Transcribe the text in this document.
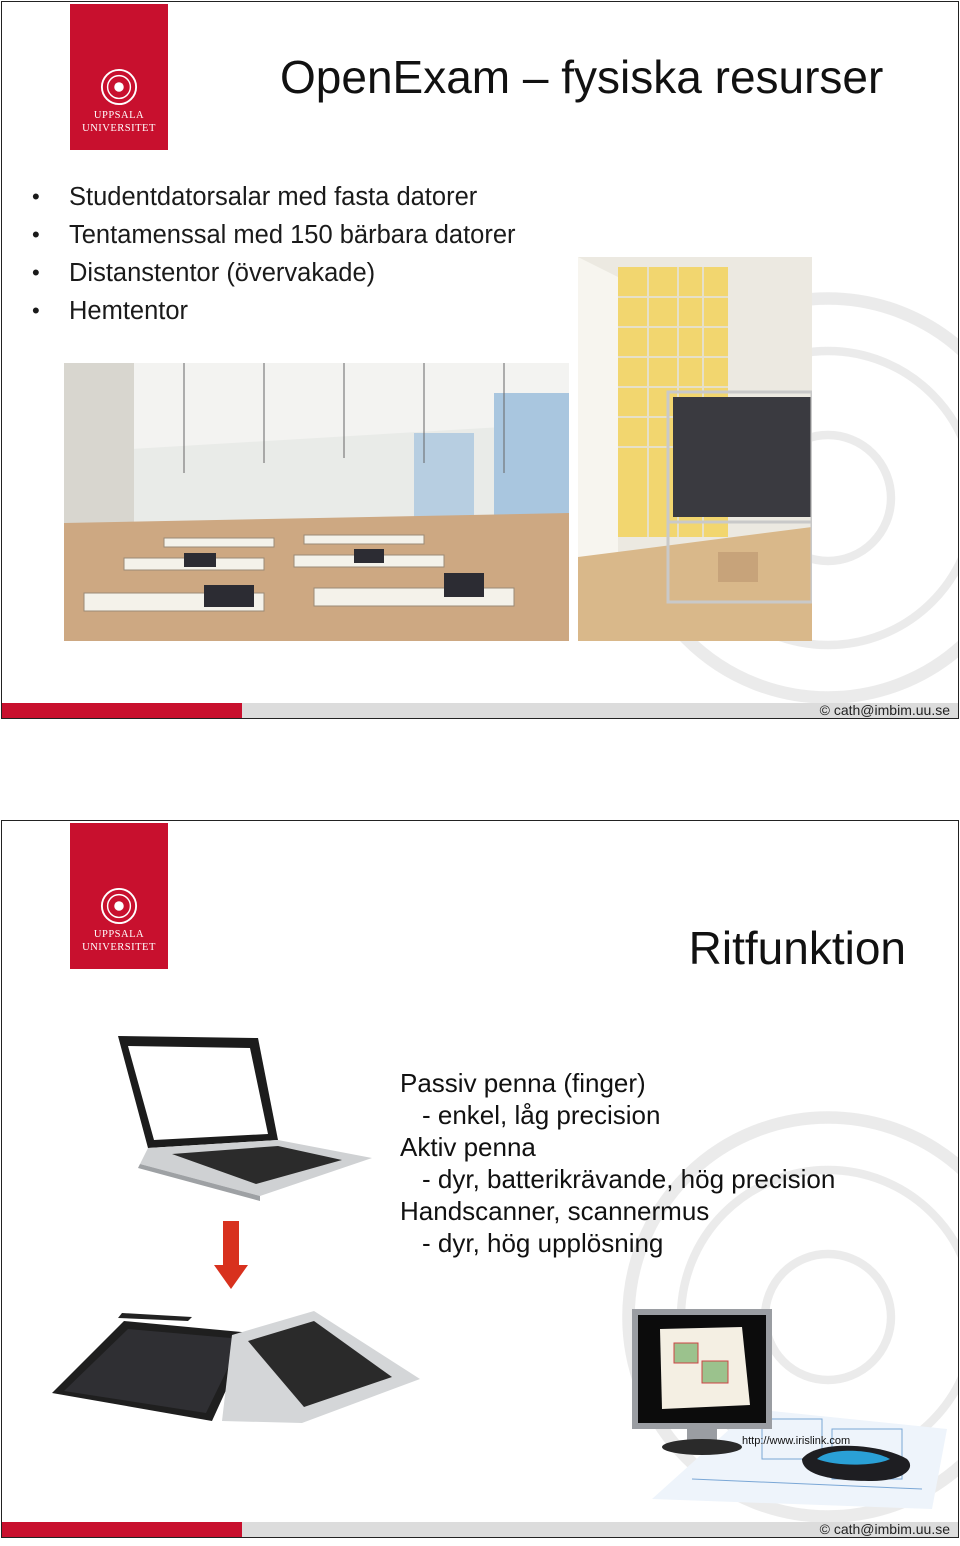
UPPSALA
UNIVERSITET
OpenExam – fysiska resurser
• Studentdatorsalar med fasta datorer
• Tentamenssal med 150 bärbara datorer
• Distanstentor (övervakade)
• Hemtentor
© cath@imbim.uu.se
UPPSALA
UNIVERSITET	Ritfunktion
Passiv penna (finger)
- enkel, låg precision
Aktiv penna
- dyr, batterikrävande, hög precision
Handscanner, scannermus
- dyr, hög upplösning
http://www.irislink.com
© cath@imbim.uu.se
